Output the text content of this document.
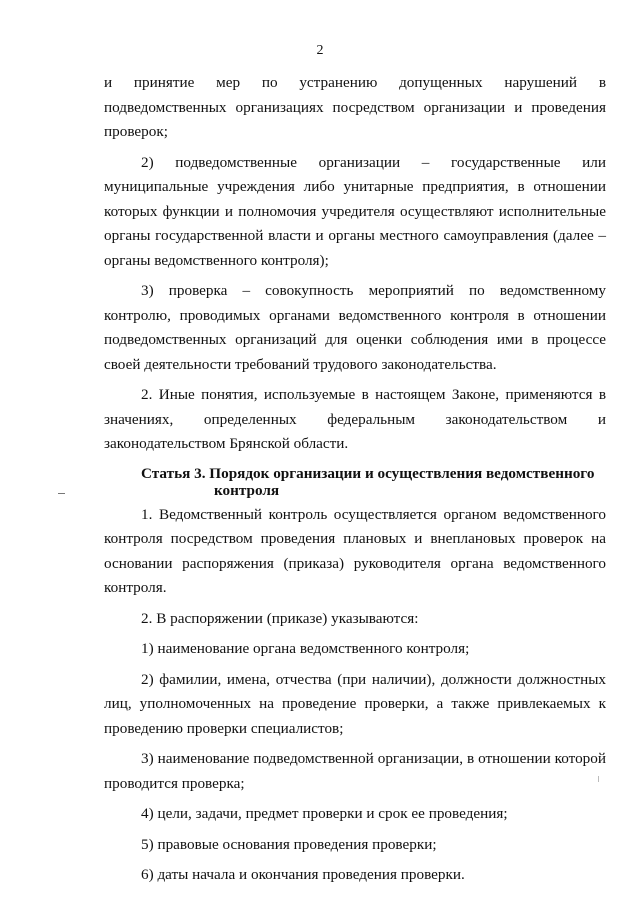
2

и принятие мер по устранению допущенных нарушений в подведомственных организациях посредством организации и проведения проверок;

2) подведомственные организации – государственные или муниципальные учреждения либо унитарные предприятия, в отношении которых функции и полномочия учредителя осуществляют исполнительные органы государственной власти и органы местного самоуправления (далее – органы ведомственного контроля);

3) проверка – совокупность мероприятий по ведомственному контролю, проводимых органами ведомственного контроля в отношении подведомственных организаций для оценки соблюдения ими в процессе своей деятельности требований трудового законодательства.

2. Иные понятия, используемые в настоящем Законе, применяются в значениях, определенных федеральным законодательством и законодательством Брянской области.

Статья 3. Порядок организации и осуществления ведомственного
контроля

1. Ведомственный контроль осуществляется органом ведомственного контроля посредством проведения плановых и внеплановых проверок на основании распоряжения (приказа) руководителя органа ведомственного контроля.

2. В распоряжении (приказе) указываются:

1) наименование органа ведомственного контроля;

2) фамилии, имена, отчества (при наличии), должности должностных лиц, уполномоченных на проведение проверки, а также привлекаемых к проведению проверки специалистов;

3) наименование подведомственной организации, в отношении которой проводится проверка;

4) цели, задачи, предмет проверки и срок ее проведения;

5) правовые основания проведения проверки;

6) даты начала и окончания проведения проверки.
